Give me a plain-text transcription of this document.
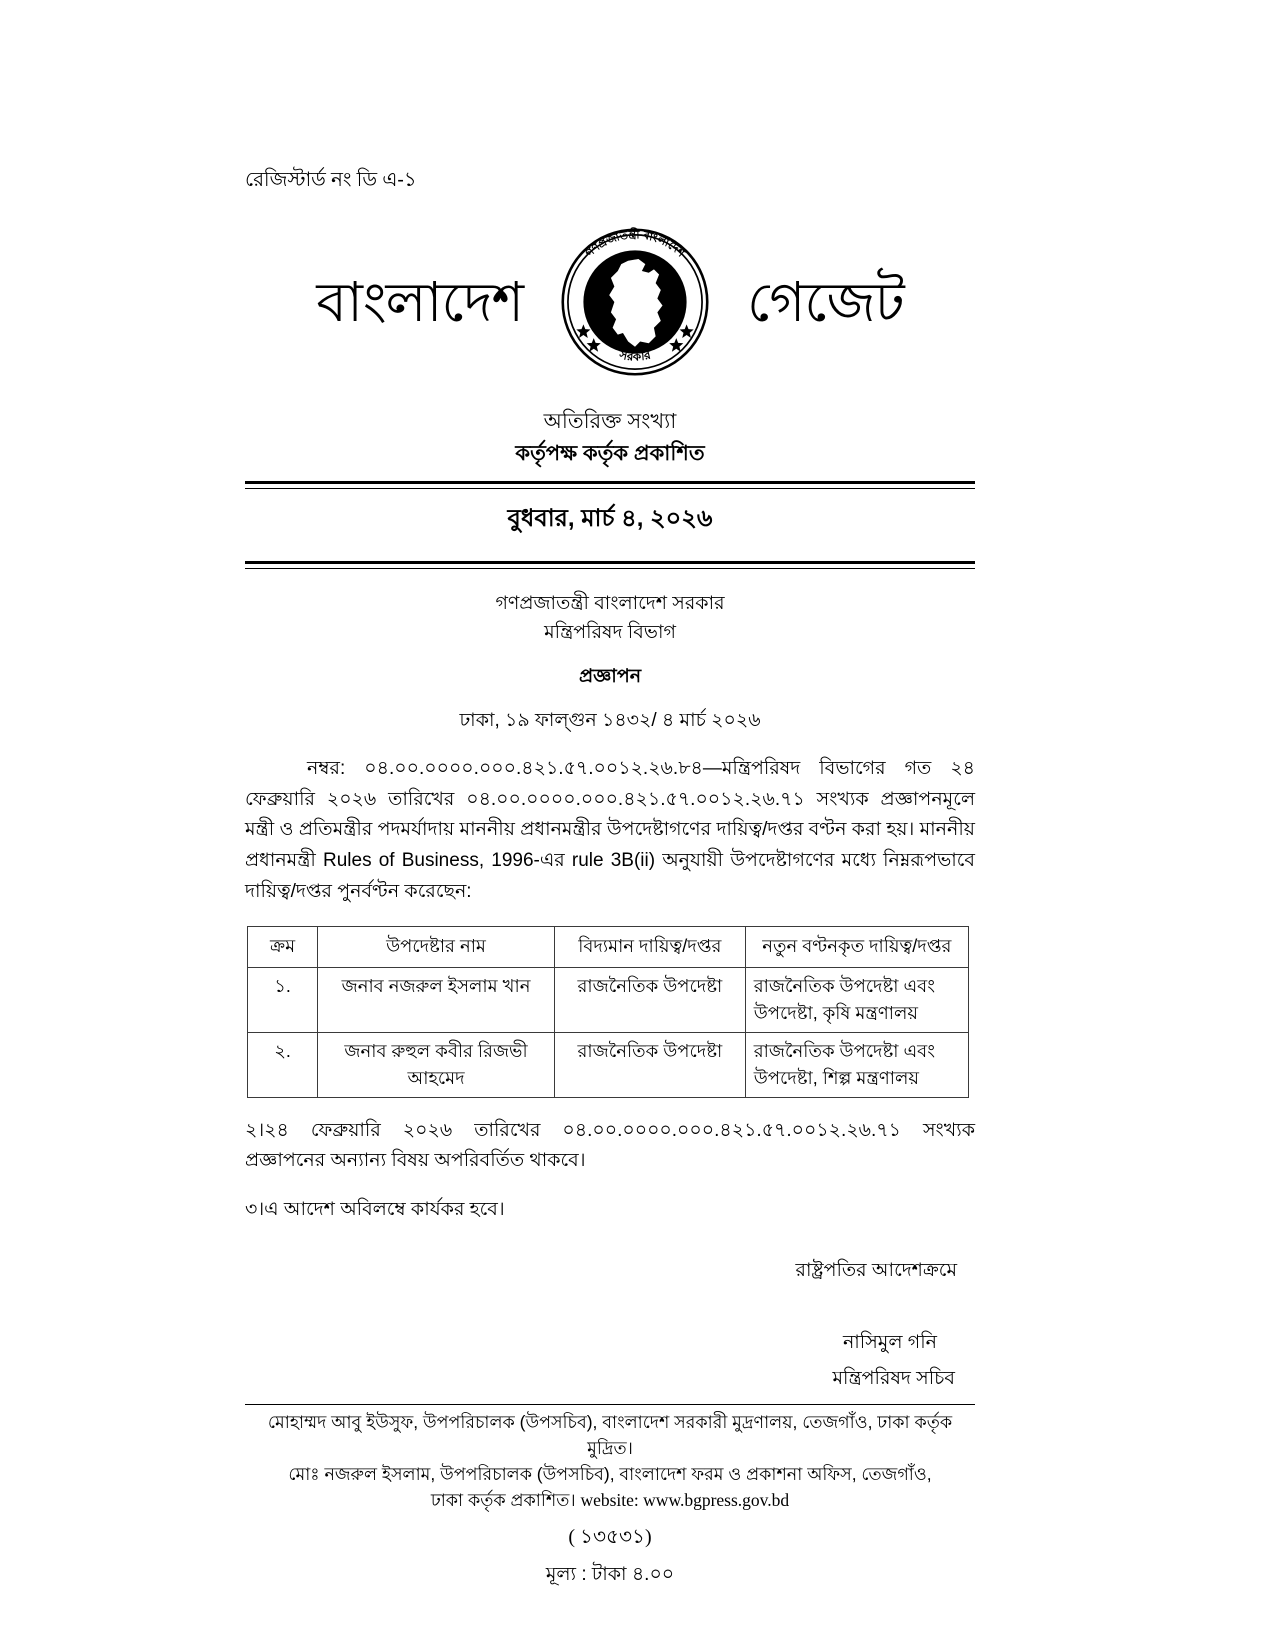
রেজিস্টার্ড নং ডি এ-১
বাংলাদেশ
গণপ্রজাতন্ত্রী বাংলাদেশ
সরকার
গেজেট
অতিরিক্ত সংখ্যা
কর্তৃপক্ষ কর্তৃক প্রকাশিত
বুধবার, মার্চ ৪, ২০২৬
গণপ্রজাতন্ত্রী বাংলাদেশ সরকার
মন্ত্রিপরিষদ বিভাগ
প্রজ্ঞাপন
ঢাকা, ১৯ ফাল্গুন ১৪৩২/ ৪ মার্চ ২০২৬
নম্বর: ০৪.০০.০০০০.০০০.৪২১.৫৭.০০১২.২৬.৮৪—মন্ত্রিপরিষদ বিভাগের গত ২৪ ফেব্রুয়ারি ২০২৬ তারিখের ০৪.০০.০০০০.০০০.৪২১.৫৭.০০১২.২৬.৭১ সংখ্যক প্রজ্ঞাপনমূলে মন্ত্রী ও প্রতিমন্ত্রীর পদমর্যাদায় মাননীয় প্রধানমন্ত্রীর উপদেষ্টাগণের দায়িত্ব/দপ্তর বণ্টন করা হয়। মাননীয় প্রধানমন্ত্রী Rules of Business, 1996-এর rule 3B(ii) অনুযায়ী উপদেষ্টাগণের মধ্যে নিম্নরূপভাবে দায়িত্ব/দপ্তর পুনর্বণ্টন করেছেন:
ক্রম	উপদেষ্টার নাম	বিদ্যমান দায়িত্ব/দপ্তর	নতুন বণ্টনকৃত দায়িত্ব/দপ্তর
১.	জনাব নজরুল ইসলাম খান	রাজনৈতিক উপদেষ্টা	রাজনৈতিক উপদেষ্টা এবং উপদেষ্টা, কৃষি মন্ত্রণালয়
২.	জনাব রুহুল কবীর রিজভী আহমেদ	রাজনৈতিক উপদেষ্টা	রাজনৈতিক উপদেষ্টা এবং উপদেষ্টা, শিল্প মন্ত্রণালয়
২।২৪ ফেব্রুয়ারি ২০২৬ তারিখের ০৪.০০.০০০০.০০০.৪২১.৫৭.০০১২.২৬.৭১ সংখ্যক প্রজ্ঞাপনের অন্যান্য বিষয় অপরিবর্তিত থাকবে।
৩।এ আদেশ অবিলম্বে কার্যকর হবে।
রাষ্ট্রপতির আদেশক্রমে
নাসিমুল গনি
মন্ত্রিপরিষদ সচিব
মোহাম্মদ আবু ইউসুফ, উপপরিচালক (উপসচিব), বাংলাদেশ সরকারী মুদ্রণালয়, তেজগাঁও, ঢাকা কর্তৃক মুদ্রিত।
মোঃ নজরুল ইসলাম, উপপরিচালক (উপসচিব), বাংলাদেশ ফরম ও প্রকাশনা অফিস, তেজগাঁও,
ঢাকা কর্তৃক প্রকাশিত। website: www.bgpress.gov.bd
( ১৩৫৩১)
মূল্য : টাকা ৪.০০
